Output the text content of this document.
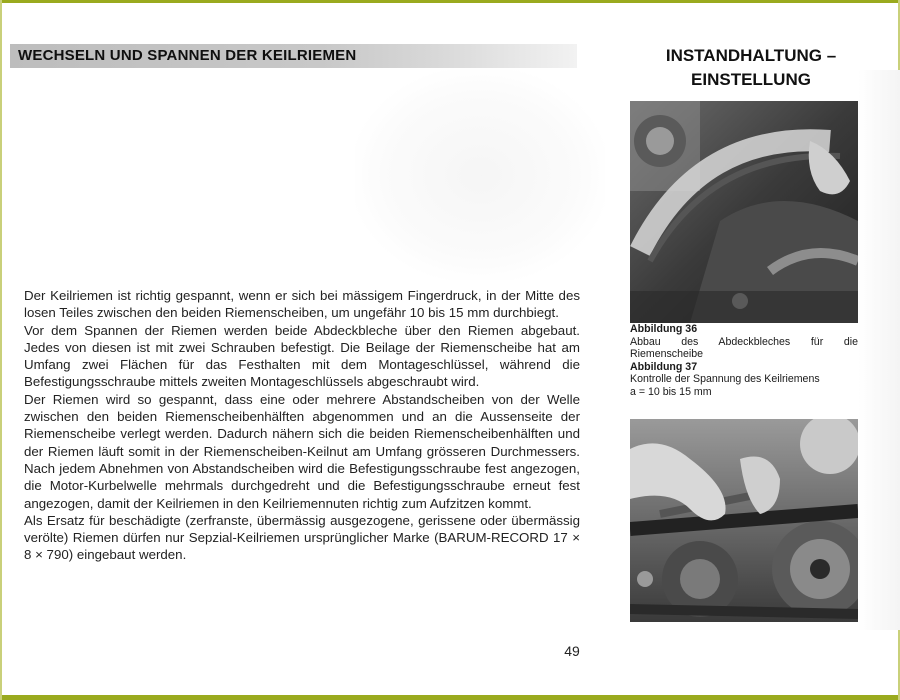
WECHSELN UND SPANNEN DER KEILRIEMEN	INSTANDHALTUNG –
EINSTELLUNG

Der Keilriemen ist richtig gespannt, wenn er sich bei mässigem Fingerdruck, in der Mitte des losen Teiles zwischen den beiden Riemenscheiben, um ungefähr 10 bis 15 mm durchbiegt.

Vor dem Spannen der Riemen werden beide Abdeckbleche über den Riemen abgebaut. Jedes von diesen ist mit zwei Schrauben befestigt. Die Beilage der Riemenscheibe hat am Umfang zwei Flächen für das Festhalten mit dem Montageschlüssel, während die Befestigungsschraube mittels zweiten Montageschlüssels abgeschraubt wird.

Der Riemen wird so gespannt, dass eine oder mehrere Abstandscheiben von der Welle zwischen den beiden Riemenscheibenhälften abgenommen und an die Aussenseite der Riemenscheibe verlegt werden. Dadurch nähern sich die beiden Riemenscheibenhälften und der Riemen läuft somit in der Riemenscheiben-Keilnut am Umfang grösseren Durchmessers. Nach jedem Abnehmen von Abstandscheiben wird die Befestigungsschraube fest angezogen, die Motor-Kurbelwelle mehrmals durchgedreht und die Befestigungsschraube erneut fest angezogen, damit der Keilriemen in den Keilriemennuten richtig zum Aufzitzen kommt.

Als Ersatz für beschädigte (zerfranste, übermässig ausgezogene, gerissene oder übermässig verölte) Riemen dürfen nur Sepzial-Keilriemen ursprünglicher Marke (BARUM-RECORD 17 × 8 × 790) eingebaut werden.

Abbildung 36
Abbau des Abdeckbleches für die Riemenscheibe
Abbildung 37
Kontrolle der Spannung des Keilriemens
a = 10 bis 15 mm
49
